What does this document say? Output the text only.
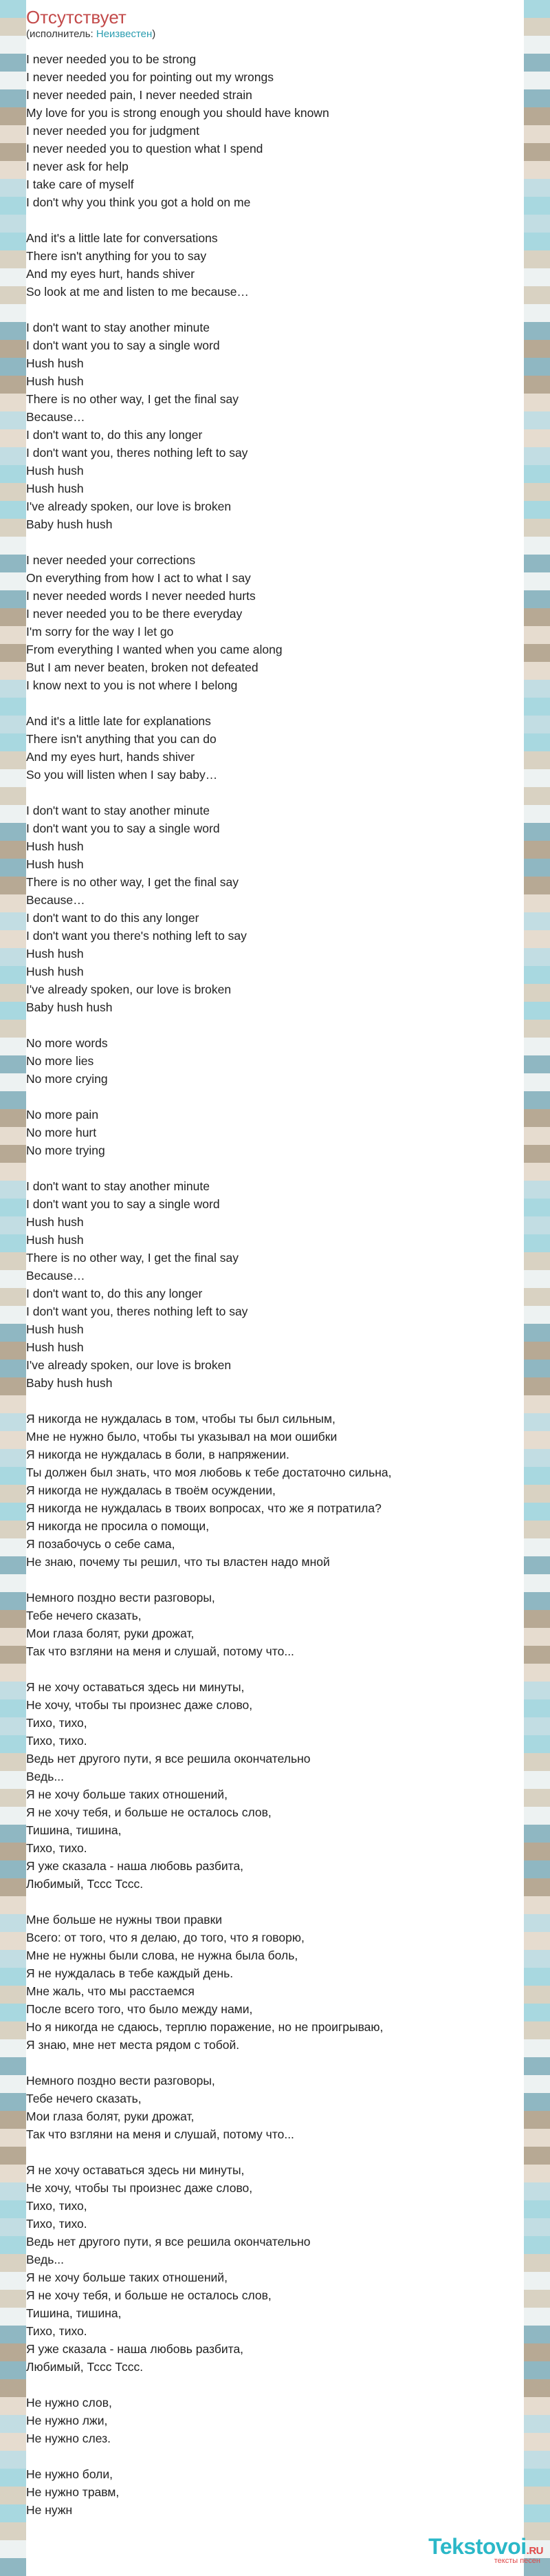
Отсутствует
(исполнитель: Неизвестен)
I never needed you to be strong
I never needed you for pointing out my wrongs
I never needed pain, I never needed strain
My love for you is strong enough you should have known
I never needed you for judgment
I never needed you to question what I spend
I never ask for help
I take care of myself
I don't why you think you got a hold on me
And it's a little late for conversations
There isn't anything for you to say
And my eyes hurt, hands shiver
So look at me and listen to me because…
I don't want to stay another minute
I don't want you to say a single word
Hush hush
Hush hush
There is no other way, I get the final say
Because…
I don't want to, do this any longer
I don't want you, theres nothing left to say
Hush hush
Hush hush
I've already spoken, our love is broken
Baby hush hush
I never needed your corrections
On everything from how I act to what I say
I never needed words I never needed hurts
I never needed you to be there everyday
I'm sorry for the way I let go
From everything I wanted when you came along
But I am never beaten, broken not defeated
I know next to you is not where I belong
And it's a little late for explanations
There isn't anything that you can do
And my eyes hurt, hands shiver
So you will listen when I say baby…
I don't want to stay another minute
I don't want you to say a single word
Hush hush
Hush hush
There is no other way, I get the final say
Because…
I don't want to do this any longer
I don't want you there's nothing left to say
Hush hush
Hush hush
I've already spoken, our love is broken
Baby hush hush
No more words
No more lies
No more crying
No more pain
No more hurt
No more trying
I don't want to stay another minute
I don't want you to say a single word
Hush hush
Hush hush
There is no other way, I get the final say
Because…
I don't want to, do this any longer
I don't want you, theres nothing left to say
Hush hush
Hush hush
I've already spoken, our love is broken
Baby hush hush
Я никогда не нуждалась в том, чтобы ты был сильным,
Мне не нужно было, чтобы ты указывал на мои ошибки
Я никогда не нуждалась в боли, в напряжении.
Ты должен был знать, что моя любовь к тебе достаточно сильна,
Я никогда не нуждалась в твоём осуждении,
Я никогда не нуждалась в твоих вопросах, что же я потратила?
Я никогда не просила о помощи,
Я позабочусь о себе сама,
Не знаю, почему ты решил, что ты властен надо мной
Немного поздно вести разговоры,
Тебе нечего сказать,
Мои глаза болят, руки дрожат,
Так что взгляни на меня и слушай, потому что...
Я не хочу оставаться здесь ни минуты,
Не хочу, чтобы ты произнес даже слово,
Тихо, тихо,
Тихо, тихо.
Ведь нет другого пути, я все решила окончательно
Ведь...
Я не хочу больше таких отношений,
Я не хочу тебя, и больше не осталось слов,
Тишина, тишина,
Тихо, тихо.
Я уже сказала - наша любовь разбита,
Любимый, Тссс Тссс.
Мне больше не нужны твои правки
Всего: от того, что я делаю, до того, что я говорю,
Мне не нужны были слова, не нужна была боль,
Я не нуждалась в тебе каждый день.
Мне жаль, что мы расстаемся
После всего того, что было между нами,
Но я никогда не сдаюсь, терплю поражение, но не проигрываю,
Я знаю, мне нет места рядом с тобой.
Немного поздно вести разговоры,
Тебе нечего сказать,
Мои глаза болят, руки дрожат,
Так что взгляни на меня и слушай, потому что...
Я не хочу оставаться здесь ни минуты,
Не хочу, чтобы ты произнес даже слово,
Тихо, тихо,
Тихо, тихо.
Ведь нет другого пути, я все решила окончательно
Ведь...
Я не хочу больше таких отношений,
Я не хочу тебя, и больше не осталось слов,
Тишина, тишина,
Тихо, тихо.
Я уже сказала - наша любовь разбита,
Любимый, Тссс Тссс.
Не нужно слов,
Не нужно лжи,
Не нужно слез.
Не нужно боли,
Не нужно травм,
Не нужн
Tekstovoi.RU
тексты песен
